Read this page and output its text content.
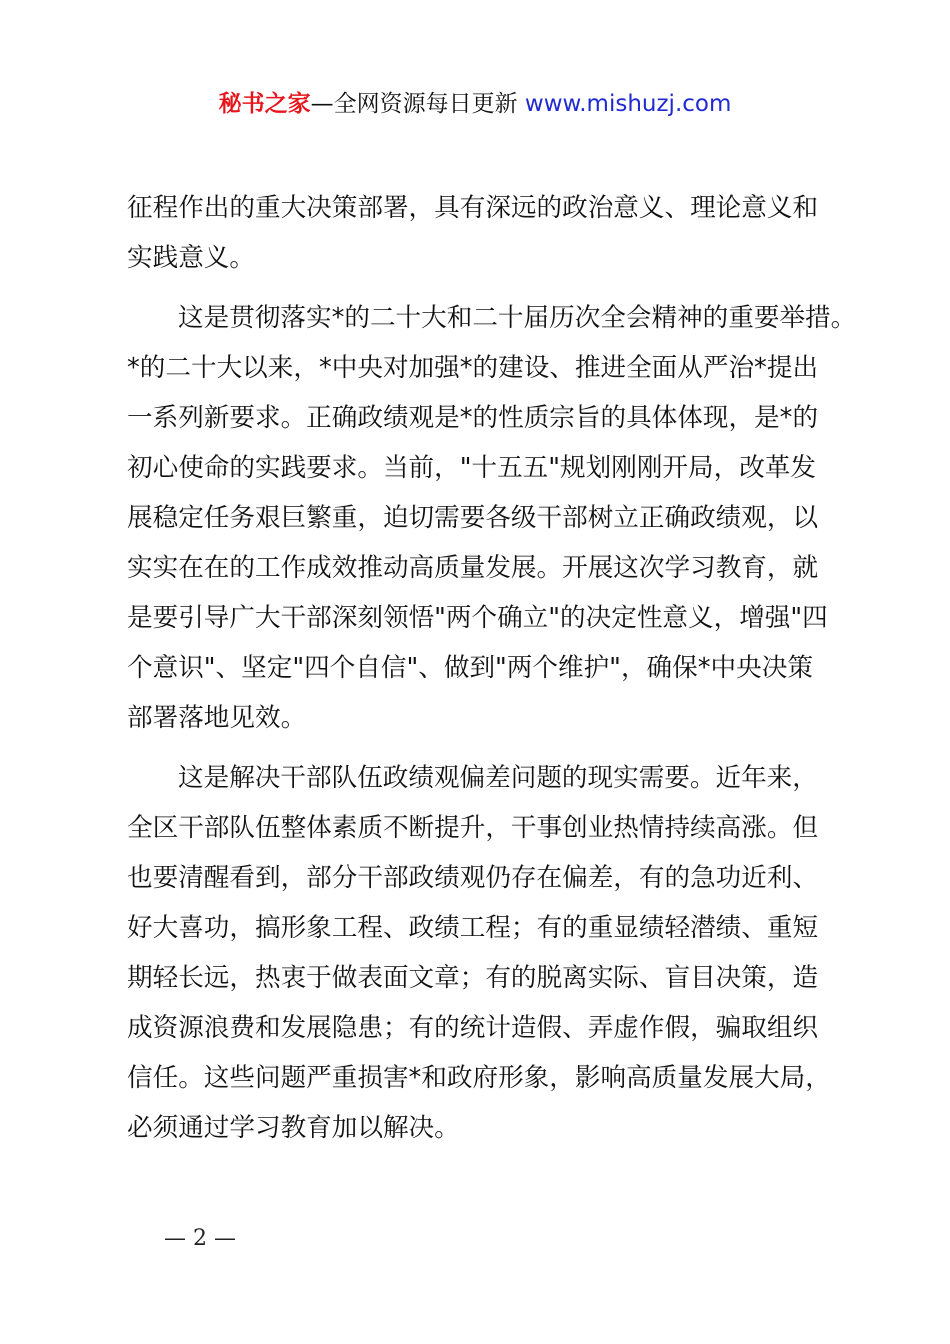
秘书之家—全网资源每日更新 www.mishuzj.com
征程作出的重大决策部署，具有深远的政治意义、理论意义和
实践意义。
这是贯彻落实*的二十大和二十届历次全会精神的重要举措。
*的二十大以来，*中央对加强*的建设、推进全面从严治*提出
一系列新要求。正确政绩观是*的性质宗旨的具体体现，是*的
初心使命的实践要求。当前，"十五五"规划刚刚开局，改革发
展稳定任务艰巨繁重，迫切需要各级干部树立正确政绩观，以
实实在在的工作成效推动高质量发展。开展这次学习教育，就
是要引导广大干部深刻领悟"两个确立"的决定性意义，增强"四
个意识"、坚定"四个自信"、做到"两个维护"，确保*中央决策
部署落地见效。
这是解决干部队伍政绩观偏差问题的现实需要。近年来，
全区干部队伍整体素质不断提升，干事创业热情持续高涨。但
也要清醒看到，部分干部政绩观仍存在偏差，有的急功近利、
好大喜功，搞形象工程、政绩工程；有的重显绩轻潜绩、重短
期轻长远，热衷于做表面文章；有的脱离实际、盲目决策，造
成资源浪费和发展隐患；有的统计造假、弄虚作假，骗取组织
信任。这些问题严重损害*和政府形象，影响高质量发展大局，
必须通过学习教育加以解决。
— 2 —
